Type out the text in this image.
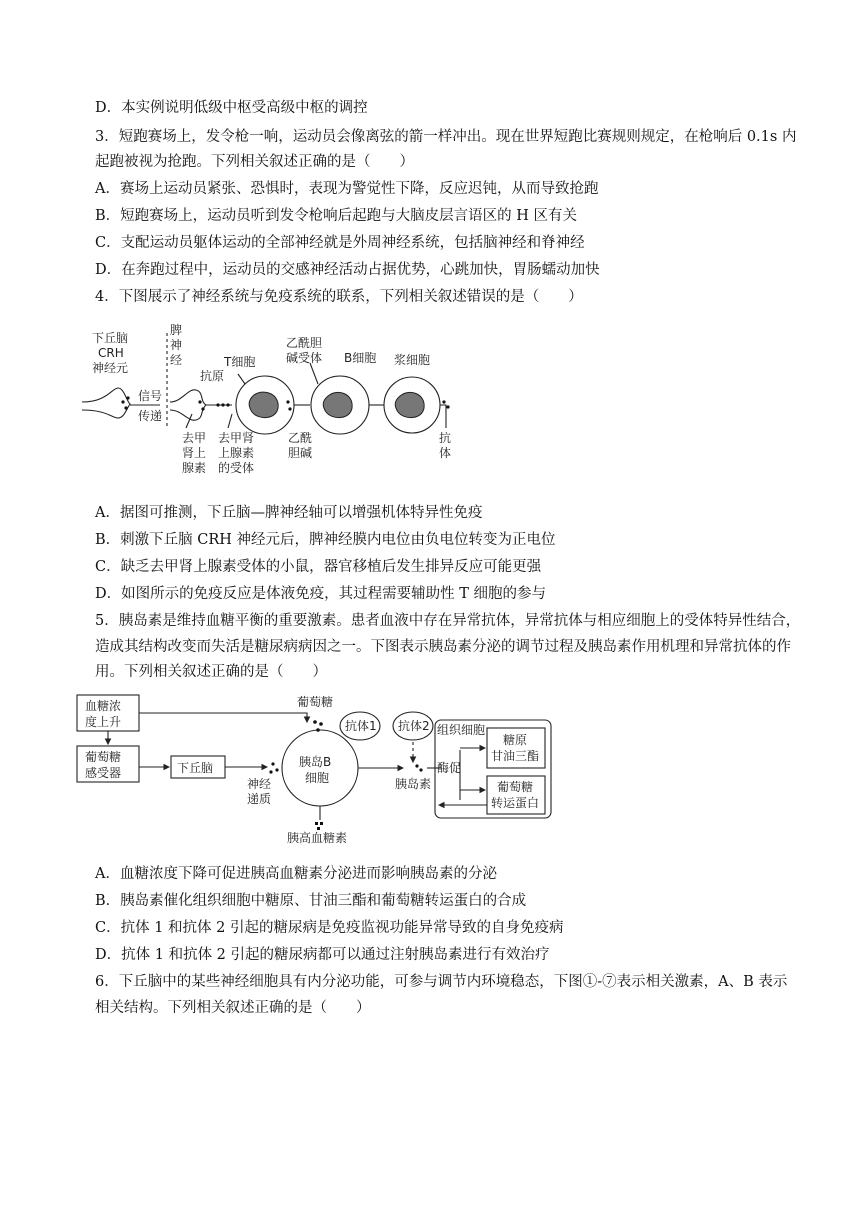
D．本实例说明低级中枢受高级中枢的调控
3．短跑赛场上，发令枪一响，运动员会像离弦的箭一样冲出。现在世界短跑比赛规则规定，在枪响后 0.1s 内
起跑被视为抢跑。下列相关叙述正确的是（　　）
A．赛场上运动员紧张、恐惧时，表现为警觉性下降，反应迟钝，从而导致抢跑
B．短跑赛场上，运动员听到发令枪响后起跑与大脑皮层言语区的 H 区有关
C．支配运动员躯体运动的全部神经就是外周神经系统，包括脑神经和脊神经
D．在奔跑过程中，运动员的交感神经活动占据优势，心跳加快，胃肠蠕动加快
4．下图展示了神经系统与免疫系统的联系，下列相关叙述错误的是（　　）
下丘脑
CRH
神经元
脾
神
经
信号
传递
T细胞
抗原
乙酰胆
碱受体 B细胞 浆细胞
去甲
肾上
腺素
去甲肾
上腺素
的受体
乙酰
胆碱
抗
体
A．据图可推测，下丘脑—脾神经轴可以增强机体特异性免疫
B．刺激下丘脑 CRH 神经元后，脾神经膜内电位由负电位转变为正电位
C．缺乏去甲肾上腺素受体的小鼠，器官移植后发生排异反应可能更强
D．如图所示的免疫反应是体液免疫，其过程需要辅助性 T 细胞的参与
5．胰岛素是维持血糖平衡的重要激素。患者血液中存在异常抗体，异常抗体与相应细胞上的受体特异性结合，
造成其结构改变而失活是糖尿病病因之一。下图表示胰岛素分泌的调节过程及胰岛素作用机理和异常抗体的作
用。下列相关叙述正确的是（　　）
血糖浓
度上升
葡萄糖
感受器	下丘脑
神经
递质
胰岛B
细胞
葡萄糖
抗体1 抗体2
胰高血糖素
胰岛素
组织细胞
酶促
糖原
甘油三酯
葡萄糖
转运蛋白
A．血糖浓度下降可促进胰高血糖素分泌进而影响胰岛素的分泌
B．胰岛素催化组织细胞中糖原、甘油三酯和葡萄糖转运蛋白的合成
C．抗体 1 和抗体 2 引起的糖尿病是免疫监视功能异常导致的自身免疫病
D．抗体 1 和抗体 2 引起的糖尿病都可以通过注射胰岛素进行有效治疗
6．下丘脑中的某些神经细胞具有内分泌功能，可参与调节内环境稳态，下图①-⑦表示相关激素，A、B 表示
相关结构。下列相关叙述正确的是（　　）
